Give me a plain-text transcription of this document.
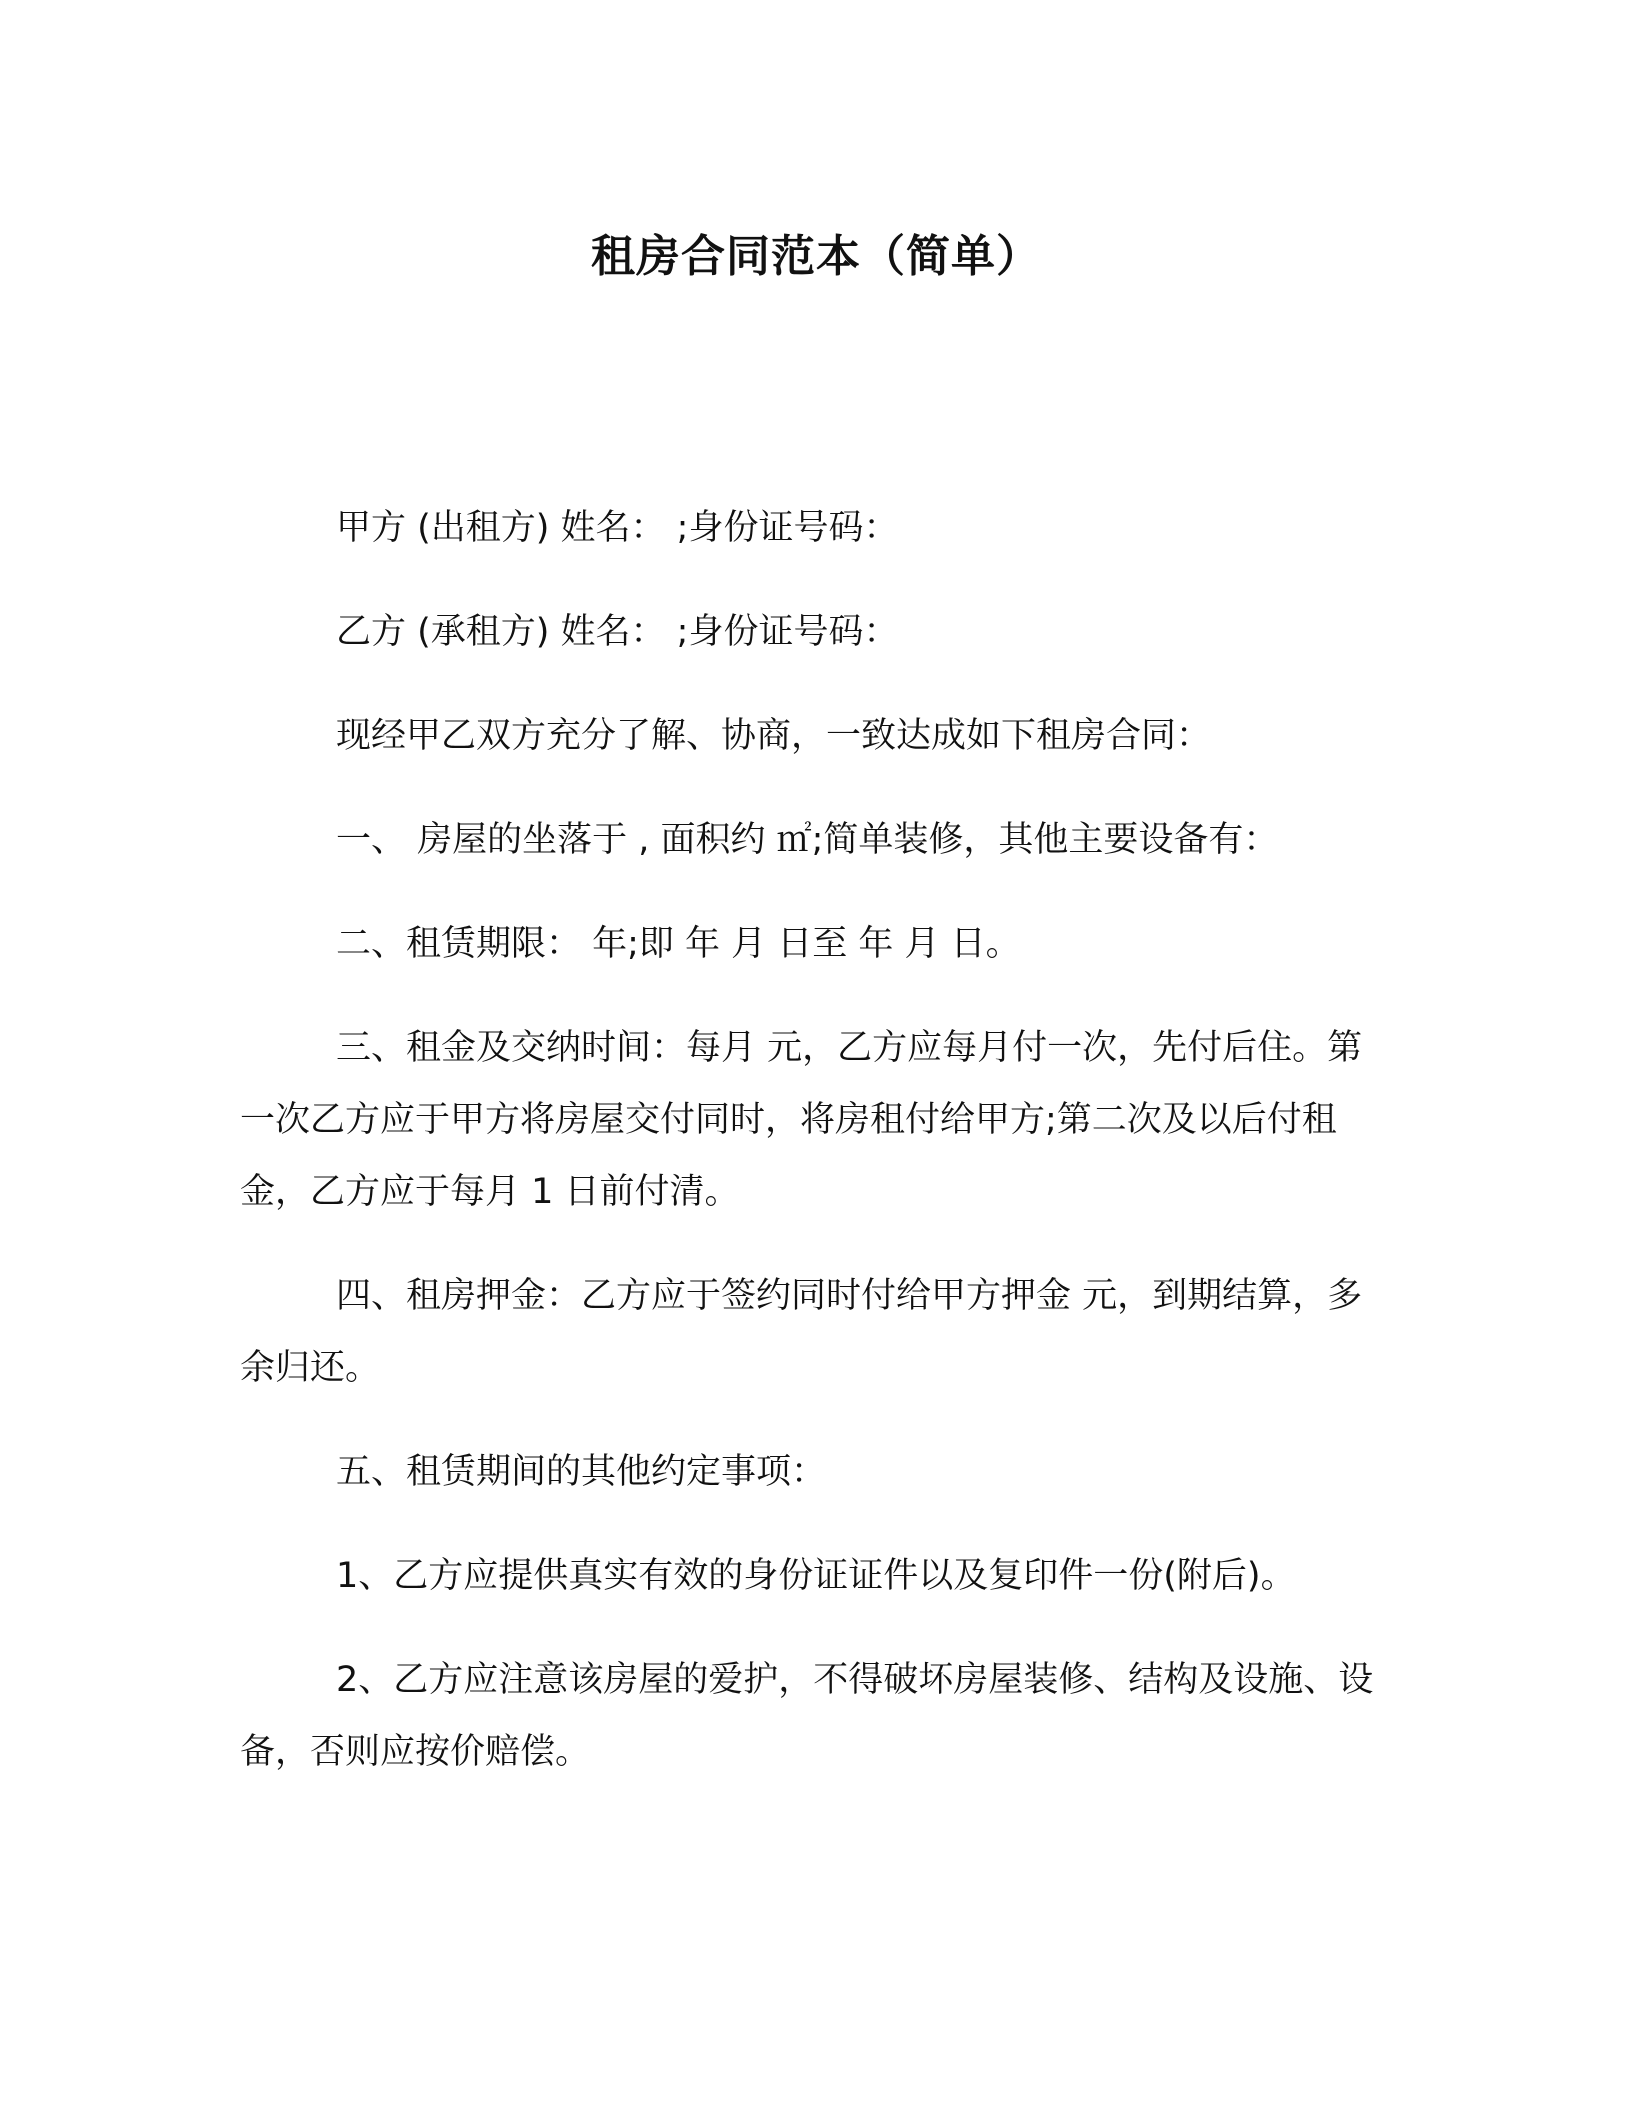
租房合同范本（简单）

甲方 (出租方) 姓名： ;身份证号码：

乙方 (承租方) 姓名： ;身份证号码：

现经甲乙双方充分了解、协商，一致达成如下租房合同：

一、 房屋的坐落于 , 面积约 ㎡;简单装修，其他主要设备有：

二、租赁期限： 年;即 年 月 日至 年 月 日。

三、租金及交纳时间：每月 元，乙方应每月付一次，先付后住。第一次乙方应于甲方将房屋交付同时，将房租付给甲方;第二次及以后付租金，乙方应于每月 1 日前付清。

四、租房押金：乙方应于签约同时付给甲方押金 元，到期结算，多余归还。

五、租赁期间的其他约定事项：

1、乙方应提供真实有效的身份证证件以及复印件一份(附后)。

2、乙方应注意该房屋的爱护，不得破坏房屋装修、结构及设施、设备，否则应按价赔偿。
